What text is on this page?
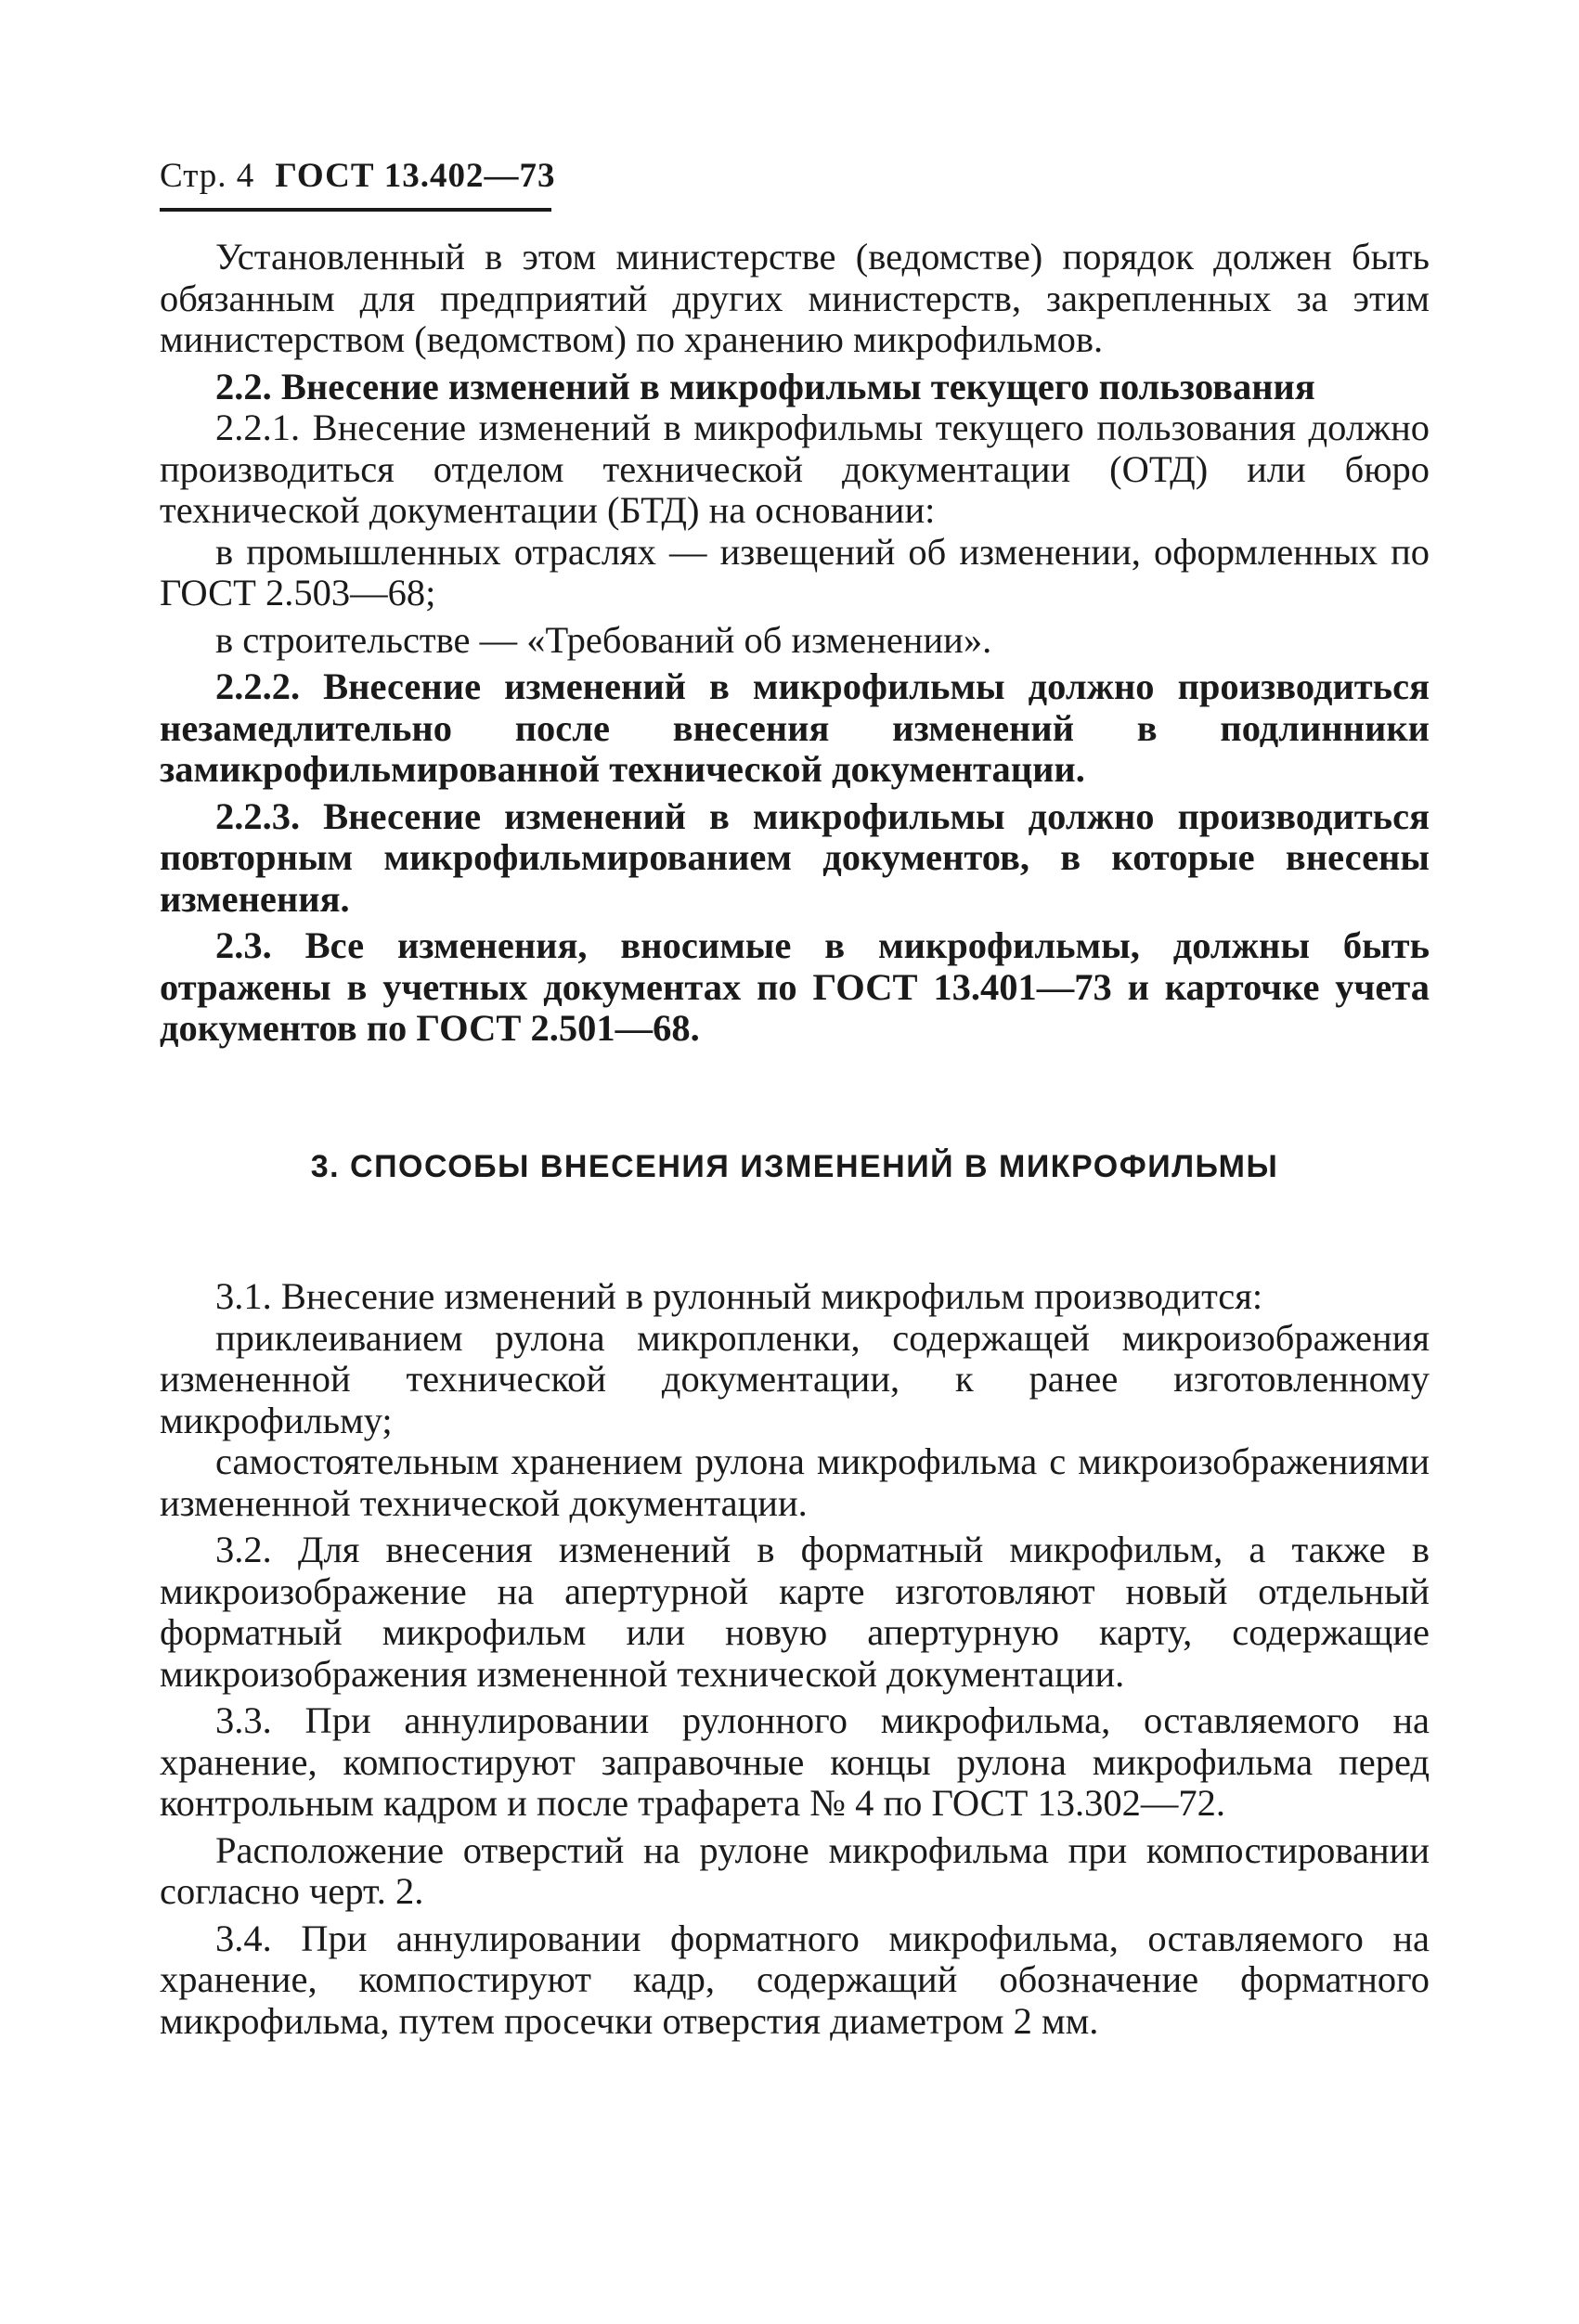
Стр. 4 ГОСТ 13.402—73

Установленный в этом министерстве (ведомстве) порядок должен быть обязанным для предприятий других министерств, закрепленных за этим министерством (ведомством) по хранению микрофильмов.

2.2. Внесение изменений в микрофильмы текущего пользования

2.2.1. Внесение изменений в микрофильмы текущего пользования должно производиться отделом технической документации (ОТД) или бюро технической документации (БТД) на основании:

в промышленных отраслях — извещений об изменении, оформленных по ГОСТ 2.503—68;

в строительстве — «Требований об изменении».

2.2.2. Внесение изменений в микрофильмы должно производиться незамедлительно после внесения изменений в подлинники замикрофильмированной технической документации.

2.2.3. Внесение изменений в микрофильмы должно производиться повторным микрофильмированием документов, в которые внесены изменения.

2.3. Все изменения, вносимые в микрофильмы, должны быть отражены в учетных документах по ГОСТ 13.401—73 и карточке учета документов по ГОСТ 2.501—68.

3. СПОСОБЫ ВНЕСЕНИЯ ИЗМЕНЕНИЙ В МИКРОФИЛЬМЫ

3.1. Внесение изменений в рулонный микрофильм производится:

приклеиванием рулона микропленки, содержащей микроизображения измененной технической документации, к ранее изготовленному микрофильму;

самостоятельным хранением рулона микрофильма с микроизображениями измененной технической документации.

3.2. Для внесения изменений в форматный микрофильм, а также в микроизображение на апертурной карте изготовляют новый отдельный форматный микрофильм или новую апертурную карту, содержащие микроизображения измененной технической документации.

3.3. При аннулировании рулонного микрофильма, оставляемого на хранение, компостируют заправочные концы рулона микрофильма перед контрольным кадром и после трафарета № 4 по ГОСТ 13.302—72.

Расположение отверстий на рулоне микрофильма при компостировании согласно черт. 2.

3.4. При аннулировании форматного микрофильма, оставляемого на хранение, компостируют кадр, содержащий обозначение форматного микрофильма, путем просечки отверстия диаметром 2 мм.
